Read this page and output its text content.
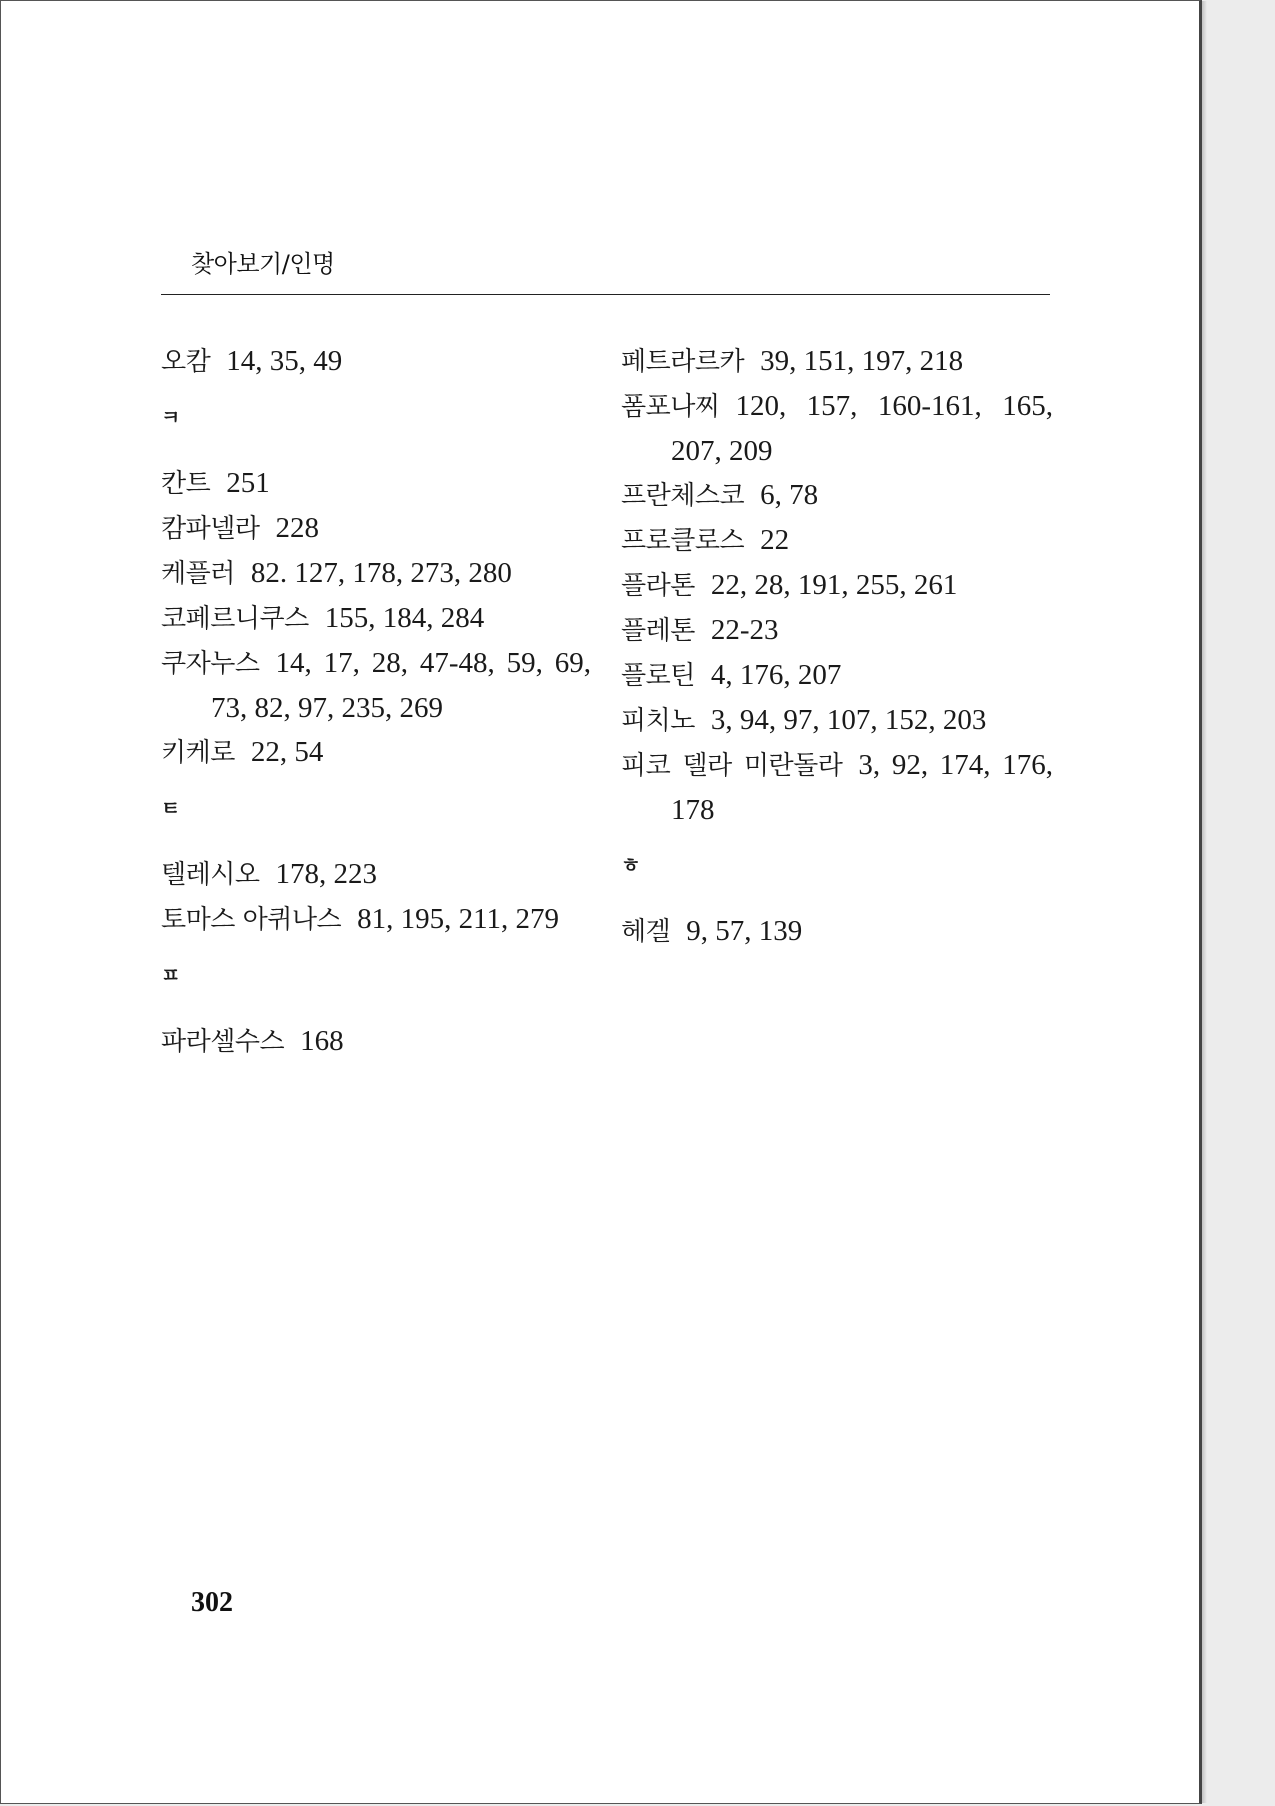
찾아보기/인명
오캄 14, 35, 49
ㅋ
칸트 251
캄파넬라 228
케플러 82. 127, 178, 273, 280
코페르니쿠스 155, 184, 284
쿠자누스 14, 17, 28, 47-48, 59, 69, 73, 82, 97, 235, 269
키케로 22, 54
ㅌ
텔레시오 178, 223
토마스 아퀴나스 81, 195, 211, 279
ㅍ
파라셀수스 168
페트라르카 39, 151, 197, 218
폼포나찌 120, 157, 160-161, 165, 207, 209
프란체스코 6, 78
프로클로스 22
플라톤 22, 28, 191, 255, 261
플레톤 22-23
플로틴 4, 176, 207
피치노 3, 94, 97, 107, 152, 203
피코 델라 미란돌라 3, 92, 174, 176, 178
ㅎ
헤겔 9, 57, 139
302
